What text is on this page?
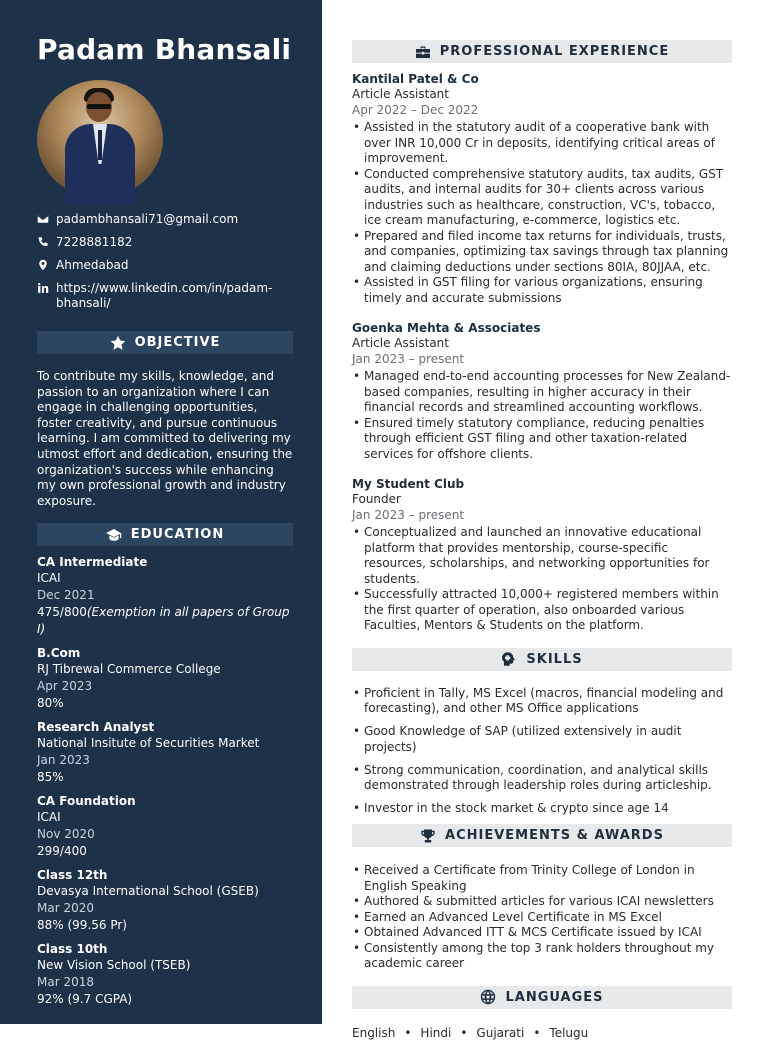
Padam Bhansali
padambhansali71@gmail.com
7228881182
Ahmedabad
https://www.linkedin.com/in/padam-bhansali/
OBJECTIVE

To contribute my skills, knowledge, and passion to an organization where I can engage in challenging opportunities, foster creativity, and pursue continuous learning. I am committed to delivering my utmost effort and dedication, ensuring the organization's success while enhancing my own professional growth and industry exposure.

EDUCATION
CA Intermediate
ICAI
Dec 2021
475/800(Exemption in all papers of Group I)
B.Com
RJ Tibrewal Commerce College
Apr 2023
80%
Research Analyst
National Insitute of Securities Market
Jan 2023
85%
CA Foundation
ICAI
Nov 2020
299/400
Class 12th
Devasya International School (GSEB)
Mar 2020
88% (99.56 Pr)
Class 10th
New Vision School (TSEB)
Mar 2018
92% (9.7 CGPA)
PROFESSIONAL EXPERIENCE
Kantilal Patel & Co
Article Assistant
Apr 2022 – Dec 2022
• Assisted in the statutory audit of a cooperative bank with over INR 10,000 Cr in deposits, identifying critical areas of improvement.
• Conducted comprehensive statutory audits, tax audits, GST audits, and internal audits for 30+ clients across various industries such as healthcare, construction, VC's, tobacco, ice cream manufacturing, e-commerce, logistics etc.
• Prepared and filed income tax returns for individuals, trusts, and companies, optimizing tax savings through tax planning and claiming deductions under sections 80IA, 80JJAA, etc.
• Assisted in GST filing for various organizations, ensuring timely and accurate submissions
Goenka Mehta & Associates
Article Assistant
Jan 2023 – present
• Managed end-to-end accounting processes for New Zealand-based companies, resulting in higher accuracy in their financial records and streamlined accounting workflows.
• Ensured timely statutory compliance, reducing penalties through efficient GST filing and other taxation-related services for offshore clients.
My Student Club
Founder
Jan 2023 – present
• Conceptualized and launched an innovative educational platform that provides mentorship, course-specific resources, scholarships, and networking opportunities for students.
• Successfully attracted 10,000+ registered members within the first quarter of operation, also onboarded various Faculties, Mentors & Students on the platform.
SKILLS
• Proficient in Tally, MS Excel (macros, financial modeling and forecasting), and other MS Office applications
• Good Knowledge of SAP (utilized extensively in audit projects)
• Strong communication, coordination, and analytical skills demonstrated through leadership roles during articleship.
• Investor in the stock market & crypto since age 14
ACHIEVEMENTS & AWARDS
• Received a Certificate from Trinity College of London in English Speaking
• Authored & submitted articles for various ICAI newsletters
• Earned an Advanced Level Certificate in MS Excel
• Obtained Advanced ITT & MCS Certificate issued by ICAI
• Consistently among the top 3 rank holders throughout my academic career
LANGUAGES
English • Hindi • Gujarati • Telugu
